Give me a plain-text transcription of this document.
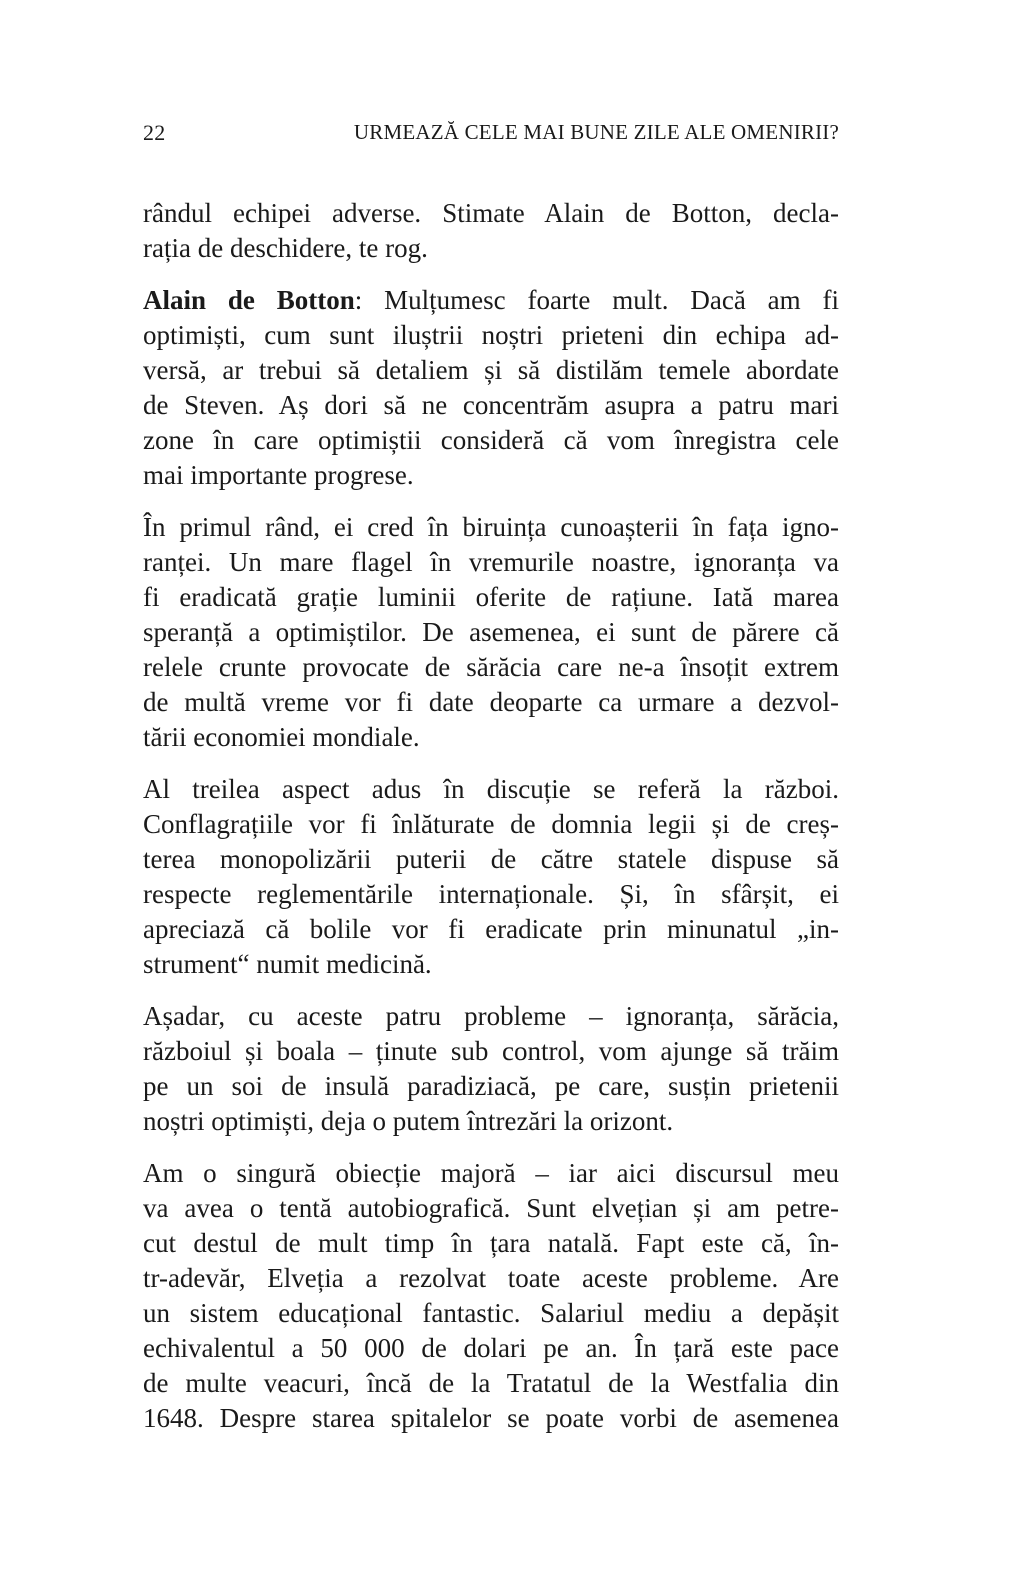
22	URMEAZĂ CELE MAI BUNE ZILE ALE OMENIRII?

rândul echipei adverse. Stimate Alain de Botton, decla-
rația de deschidere, te rog.

Alain de Botton: Mulțumesc foarte mult. Dacă am fi
optimiști, cum sunt iluștrii noștri prieteni din echipa ad-
versă, ar trebui să detaliem și să distilăm temele abordate
de Steven. Aș dori să ne concentrăm asupra a patru mari
zone în care optimiștii consideră că vom înregistra cele
mai importante progrese.

În primul rând, ei cred în biruința cunoașterii în fața igno-
ranței. Un mare flagel în vremurile noastre, ignoranța va
fi eradicată grație luminii oferite de rațiune. Iată marea
speranță a optimiștilor. De asemenea, ei sunt de părere că
relele crunte provocate de sărăcia care ne-a însoțit extrem
de multă vreme vor fi date deoparte ca urmare a dezvol-
tării economiei mondiale.

Al treilea aspect adus în discuție se referă la război.
Conflagrațiile vor fi înlăturate de domnia legii și de creș-
terea monopolizării puterii de către statele dispuse să
respecte reglementările internaționale. Și, în sfârșit, ei
apreciază că bolile vor fi eradicate prin minunatul „in-
strument“ numit medicină.

Așadar, cu aceste patru probleme – ignoranța, sărăcia,
războiul și boala – ținute sub control, vom ajunge să trăim
pe un soi de insulă paradiziacă, pe care, susțin prietenii
noștri optimiști, deja o putem întrezări la orizont.

Am o singură obiecție majoră – iar aici discursul meu
va avea o tentă autobiografică. Sunt elvețian și am petre-
cut destul de mult timp în țara natală. Fapt este că, în-
tr-adevăr, Elveția a rezolvat toate aceste probleme. Are
un sistem educațional fantastic. Salariul mediu a depășit
echivalentul a 50 000 de dolari pe an. În țară este pace
de multe veacuri, încă de la Tratatul de la Westfalia din
1648. Despre starea spitalelor se poate vorbi de asemenea
